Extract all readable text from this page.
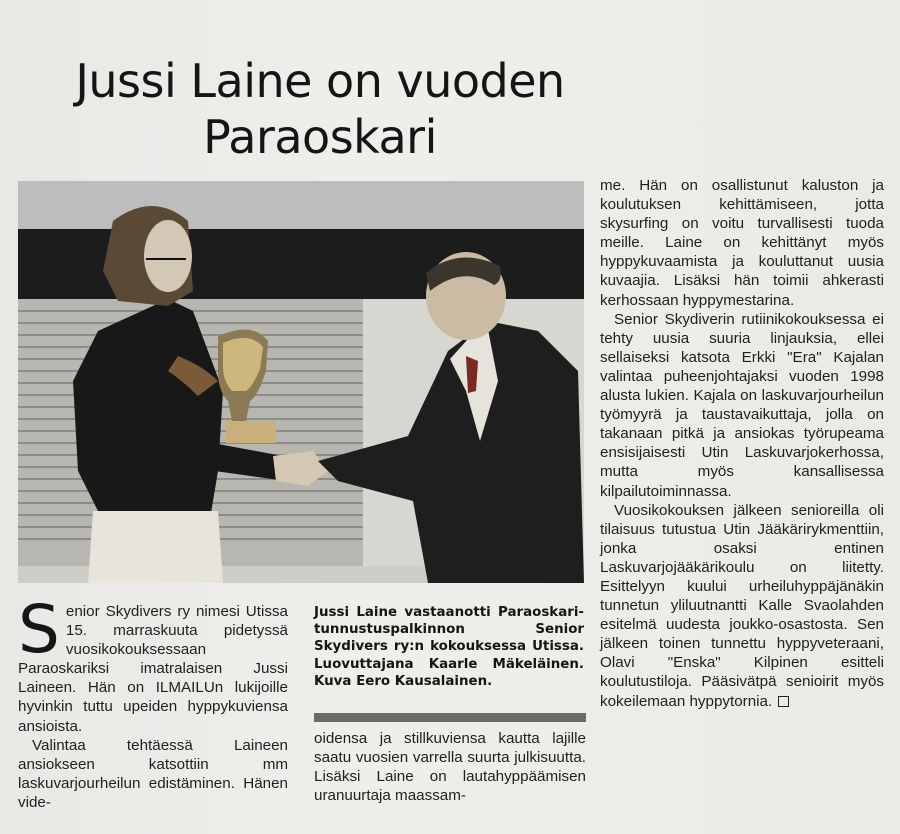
Jussi Laine on vuoden
Paraoskari

Senior Skydivers ry nimesi Utissa 15. marraskuuta pidetyssä vuosikokouksessaan Paraoskariksi imatralaisen Jussi Laineen. Hän on ILMAILUn lukijoille hyvinkin tuttu upeiden hyppykuviensa ansioista.

Valintaa tehtäessä Laineen ansiokseen katsottiin mm laskuvarjourheilun edistäminen. Hänen vide-

Jussi Laine vastaanotti Paraoskari-tunnustuspalkinnon Senior Skydivers ry:n kokouksessa Utissa. Luovuttajana Kaarle Mäkeläinen. Kuva Eero Kausalainen.

oidensa ja stillkuviensa kautta lajille saatu vuosien varrella suurta julkisuutta. Lisäksi Laine on lautahyppäämisen uranuurtaja maassam-

me. Hän on osallistunut kaluston ja koulutuksen kehittämiseen, jotta skysurfing on voitu turvallisesti tuoda meille. Laine on kehittänyt myös hyppykuvaamista ja kouluttanut uusia kuvaajia. Lisäksi hän toimii ahkerasti kerhossaan hyppymestarina.

Senior Skydiverin rutiinikokouksessa ei tehty uusia suuria linjauksia, ellei sellaiseksi katsota Erkki "Era" Kajalan valintaa puheenjohtajaksi vuoden 1998 alusta lukien. Kajala on laskuvarjourheilun työmyyrä ja taustavaikuttaja, jolla on takanaan pitkä ja ansiokas työrupeama ensisijaisesti Utin Laskuvarjokerhossa, mutta myös kansallisessa kilpailutoiminnassa.

Vuosikokouksen jälkeen senioreilla oli tilaisuus tutustua Utin Jääkärirykmenttiin, jonka osaksi entinen Laskuvarjojääkärikoulu on liitetty. Esittelyyn kuului urheiluhyppäjänäkin tunnetun yliluutnantti Kalle Svaolahden esitelmä uudesta joukko-osastosta. Sen jälkeen toinen tunnettu hyppyveteraani, Olavi "Enska" Kilpinen esitteli koulutustiloja. Pääsivätpä senioirit myös kokeilemaan hyppytornia.
